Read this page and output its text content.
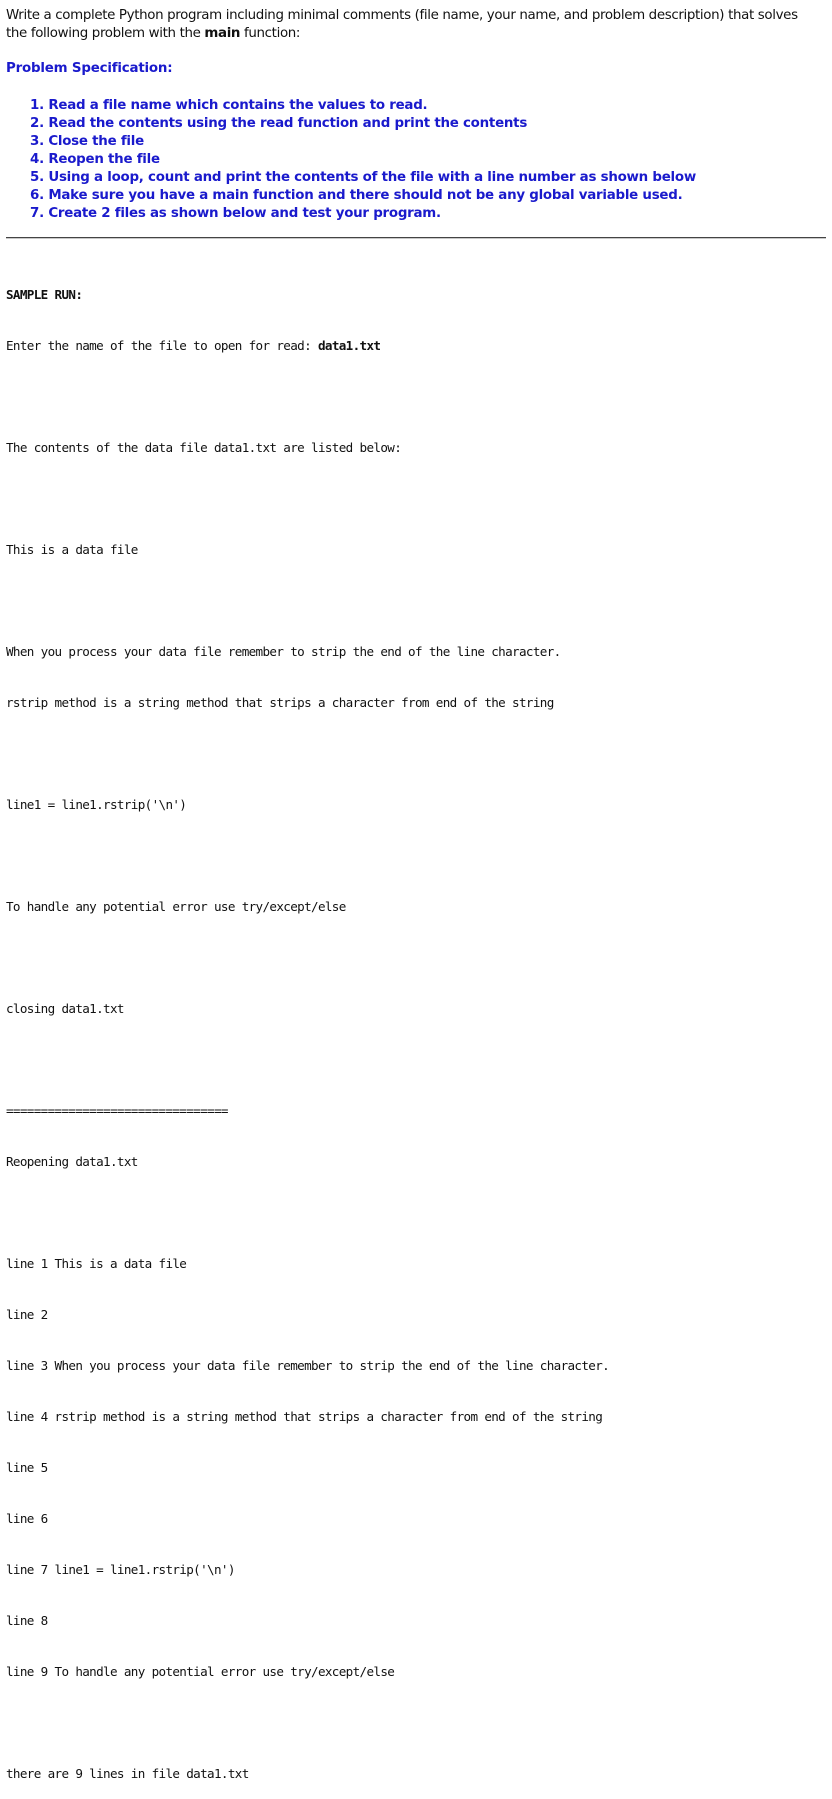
Write a complete Python program including minimal comments (file name, your name, and problem description) that solves the following problem with the main function:
Problem Specification:
1. Read a file name which contains the values to read.
2. Read the contents using the read function and print the contents
3. Close the file
4. Reopen the file
5. Using a loop, count and print the contents of the file with a line number as shown below
6. Make sure you have a main function and there should not be any global variable used.
7. Create 2 files as shown below and test your program.

SAMPLE RUN:

Enter the name of the file to open for read: data1.txt

The contents of the data file data1.txt are listed below:

This is a data file

When you process your data file remember to strip the end of the line character.

rstrip method is a string method that strips a character from end of the string

line1 = line1.rstrip('\n')

To handle any potential error use try/except/else

closing data1.txt

================================

Reopening data1.txt

line 1 This is a data file

line 2

line 3 When you process your data file remember to strip the end of the line character.

line 4 rstrip method is a string method that strips a character from end of the string

line 5

line 6

line 7 line1 = line1.rstrip('\n')

line 8

line 9 To handle any potential error use try/except/else

there are 9 lines in file data1.txt
